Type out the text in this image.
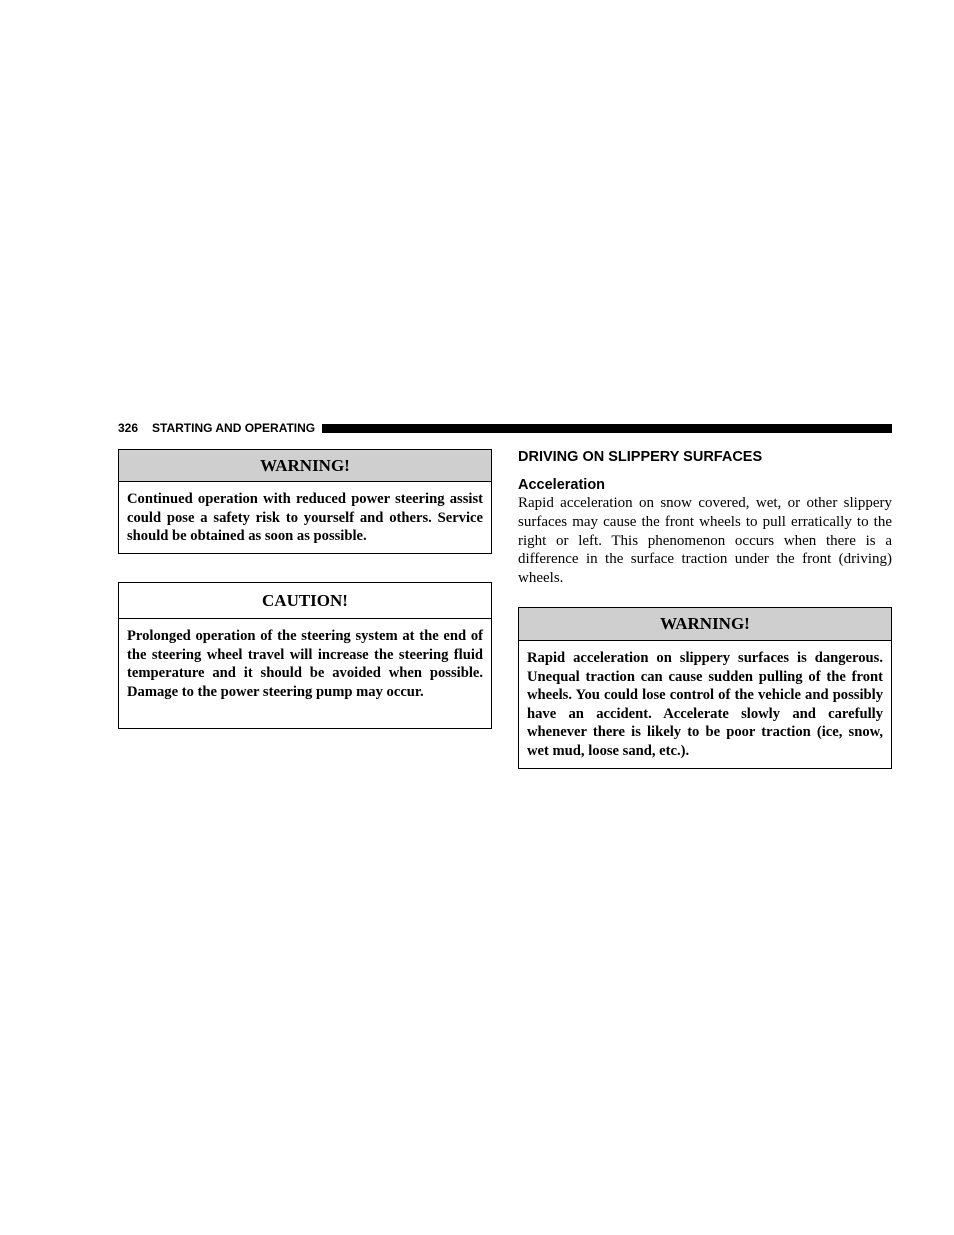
326 STARTING AND OPERATING
WARNING!
Continued operation with reduced power steering assist could pose a safety risk to yourself and others. Service should be obtained as soon as possible.
CAUTION!
Prolonged operation of the steering system at the end of the steering wheel travel will increase the steering fluid temperature and it should be avoided when possible. Damage to the power steering pump may occur.
DRIVING ON SLIPPERY SURFACES
Acceleration
Rapid acceleration on snow covered, wet, or other slippery surfaces may cause the front wheels to pull erratically to the right or left. This phenomenon occurs when there is a difference in the surface traction under the front (driving) wheels.
WARNING!
Rapid acceleration on slippery surfaces is dangerous. Unequal traction can cause sudden pulling of the front wheels. You could lose control of the vehicle and possibly have an accident. Accelerate slowly and carefully whenever there is likely to be poor traction (ice, snow, wet mud, loose sand, etc.).
